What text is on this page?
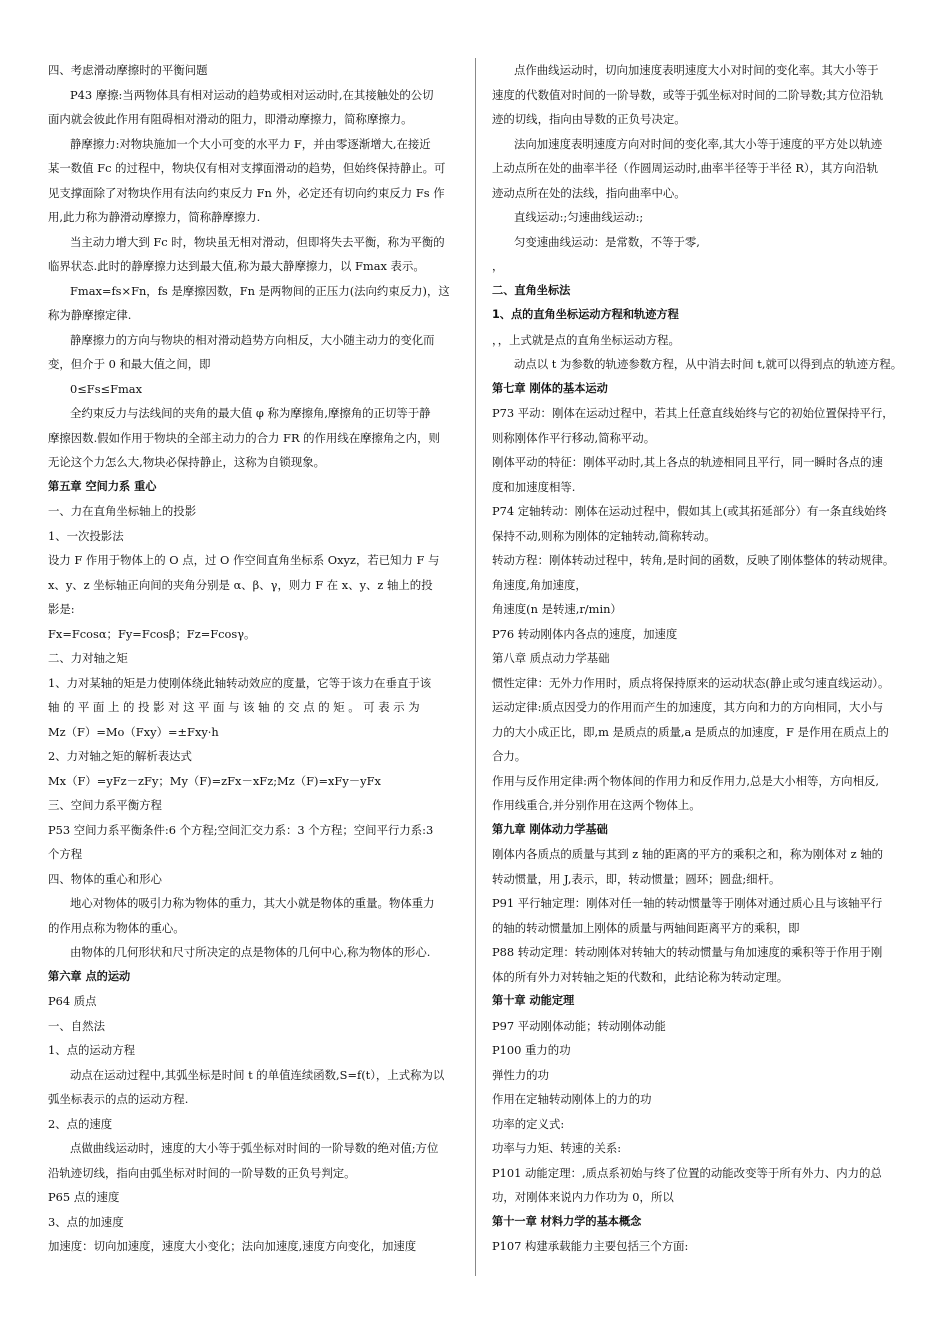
四、考虑滑动摩擦时的平衡问题
P43 摩擦:当两物体具有相对运动的趋势或相对运动时,在其接触处的公切
面内就会彼此作用有阻碍相对滑动的阻力，即滑动摩擦力，简称摩擦力。
静摩擦力:对物块施加一个大小可变的水平力 F，并由零逐渐增大,在接近
某一数值 Fc 的过程中，物块仅有相对支撑面滑动的趋势，但始终保持静止。可
见支撑面除了对物块作用有法向约束反力 Fn 外，必定还有切向约束反力 Fs 作
用,此力称为静滑动摩擦力，简称静摩擦力.
当主动力增大到 Fc 时，物块虽无相对滑动，但即将失去平衡，称为平衡的
临界状态.此时的静摩擦力达到最大值,称为最大静摩擦力，以 Fmax 表示。
Fmax=fs×Fn，fs 是摩擦因数，Fn 是两物间的正压力(法向约束反力)，这
称为静摩擦定律.
静摩擦力的方向与物块的相对滑动趋势方向相反，大小随主动力的变化而
变，但介于 0 和最大值之间，即
0≤Fs≤Fmax
全约束反力与法线间的夹角的最大值 φ 称为摩擦角,摩擦角的正切等于静
摩擦因数.假如作用于物块的全部主动力的合力 FR 的作用线在摩擦角之内，则
无论这个力怎么大,物块必保持静止，这称为自锁现象。
第五章 空间力系 重心
一、力在直角坐标轴上的投影
1、一次投影法
设力 F 作用于物体上的 O 点，过 O 作空间直角坐标系 Oxyz，若已知力 F 与
x、y、z 坐标轴正向间的夹角分别是 α、β、γ，则力 F 在 x、y、z 轴上的投
影是:
Fx=Fcosα；Fy=Fcosβ；Fz=Fcosγ。
二、力对轴之矩
1、力对某轴的矩是力使刚体绕此轴转动效应的度量，它等于该力在垂直于该
轴 的 平 面 上 的 投 影 对 这 平 面 与 该 轴 的 交 点 的 矩 。 可 表 示 为
Mz（F）=Mo（Fxy）=±Fxy·h
2、力对轴之矩的解析表达式
Mx（F）=yFz－zFy；My（F)=zFx－xFz;Mz（F)=xFy－yFx
三、空间力系平衡方程
P53 空间力系平衡条件:6 个方程;空间汇交力系：3 个方程；空间平行力系:3
个方程
四、物体的重心和形心
地心对物体的吸引力称为物体的重力，其大小就是物体的重量。物体重力
的作用点称为物体的重心。
由物体的几何形状和尺寸所决定的点是物体的几何中心,称为物体的形心.
第六章 点的运动
P64 质点
一、自然法
1、点的运动方程
动点在运动过程中,其弧坐标是时间 t 的单值连续函数,S=f(t），上式称为以
弧坐标表示的点的运动方程.
2、点的速度
点做曲线运动时，速度的大小等于弧坐标对时间的一阶导数的绝对值;方位
沿轨迹切线，指向由弧坐标对时间的一阶导数的正负号判定。
P65 点的速度
3、点的加速度
加速度：切向加速度，速度大小变化；法向加速度,速度方向变化，加速度
点作曲线运动时，切向加速度表明速度大小对时间的变化率。其大小等于
速度的代数值对时间的一阶导数，或等于弧坐标对时间的二阶导数;其方位沿轨
迹的切线，指向由导数的正负号决定。
法向加速度表明速度方向对时间的变化率,其大小等于速度的平方处以轨迹
上动点所在处的曲率半径（作圆周运动时,曲率半径等于半径 R），其方向沿轨
迹动点所在处的法线，指向曲率中心。
直线运动:;匀速曲线运动:;
匀变速曲线运动：是常数，不等于零,
，
二、直角坐标法
1、点的直角坐标运动方程和轨迹方程
，，上式就是点的直角坐标运动方程。
动点以 t 为参数的轨迹参数方程，从中消去时间 t,就可以得到点的轨迹方程。
第七章 刚体的基本运动
P73 平动：刚体在运动过程中，若其上任意直线始终与它的初始位置保持平行，
则称刚体作平行移动,简称平动。
刚体平动的特征：刚体平动时,其上各点的轨迹相同且平行，同一瞬时各点的速
度和加速度相等.
P74 定轴转动：刚体在运动过程中，假如其上(或其拓延部分）有一条直线始终
保持不动,则称为刚体的定轴转动,简称转动。
转动方程：刚体转动过程中，转角,是时间的函数，反映了刚体整体的转动规律。
角速度,角加速度，
角速度(n 是转速,r/min）
P76 转动刚体内各点的速度，加速度
第八章 质点动力学基础
惯性定律：无外力作用时，质点将保持原来的运动状态(静止或匀速直线运动）。
运动定律:质点因受力的作用而产生的加速度，其方向和力的方向相同，大小与
力的大小成正比，即,m 是质点的质量,a 是质点的加速度，F 是作用在质点上的
合力。
作用与反作用定律:两个物体间的作用力和反作用力,总是大小相等，方向相反,
作用线重合,并分别作用在这两个物体上。
第九章 刚体动力学基础
刚体内各质点的质量与其到 z 轴的距离的平方的乘积之和，称为刚体对 z 轴的
转动惯量，用 J,表示，即，转动惯量；圆环；圆盘;细杆。
P91 平行轴定理：刚体对任一轴的转动惯量等于刚体对通过质心且与该轴平行
的轴的转动惯量加上刚体的质量与两轴间距离平方的乘积，即
P88 转动定理：转动刚体对转轴大的转动惯量与角加速度的乘积等于作用于刚
体的所有外力对转轴之矩的代数和，此结论称为转动定理。
第十章 动能定理
P97 平动刚体动能；转动刚体动能
P100 重力的功
弹性力的功
作用在定轴转动刚体上的力的功
功率的定义式:
功率与力矩、转速的关系:
P101 动能定理：,质点系初始与终了位置的动能改变等于所有外力、内力的总
功，对刚体来说内力作功为 0，所以
第十一章 材料力学的基本概念
P107 构建承载能力主要包括三个方面:
